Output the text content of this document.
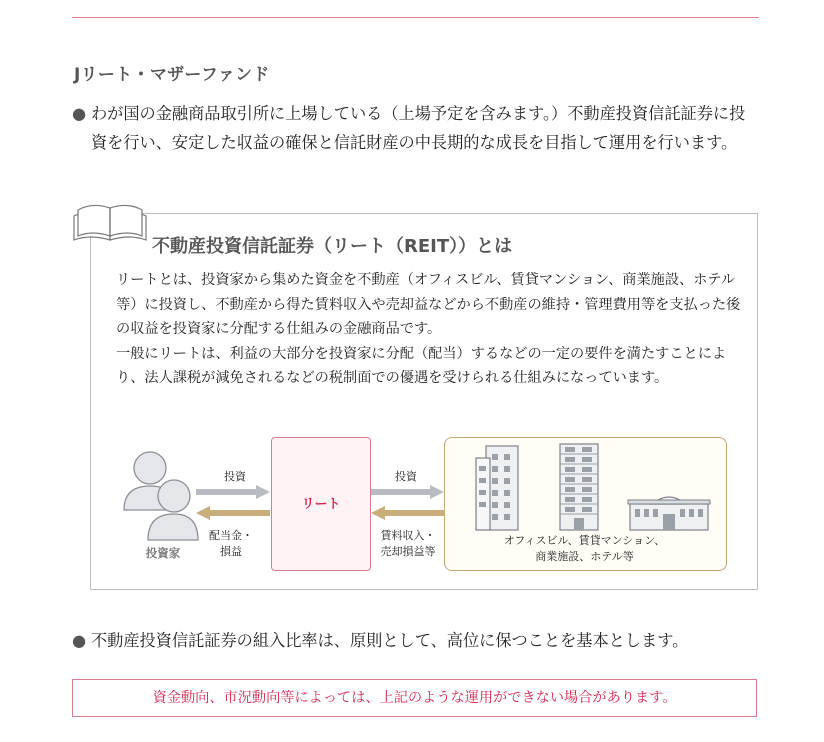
Jリート・マザーファンド
● わが国の金融商品取引所に上場している（上場予定を含みます。）不動産投資信託証券に投資を行い、安定した収益の確保と信託財産の中長期的な成長を目指して運用を行います。
不動産投資信託証券（リート（REIT））とは

リートとは、投資家から集めた資金を不動産（オフィスビル、賃貸マンション、商業施設、ホテル等）に投資し、不動産から得た賃料収入や売却益などから不動産の維持・管理費用等を支払った後の収益を投資家に分配する仕組みの金融商品です。

一般にリートは、利益の大部分を投資家に分配（配当）するなどの一定の要件を満たすことにより、法人課税が減免されるなどの税制面での優遇を受けられる仕組みになっています。

投資家
投資
配当金・
損益
リート
投資
賃料収入・
売却損益等
オフィスビル、賃貸マンション、
商業施設、ホテル等
● 不動産投資信託証券の組入比率は、原則として、高位に保つことを基本とします。
資金動向、市況動向等によっては、上記のような運用ができない場合があります。
